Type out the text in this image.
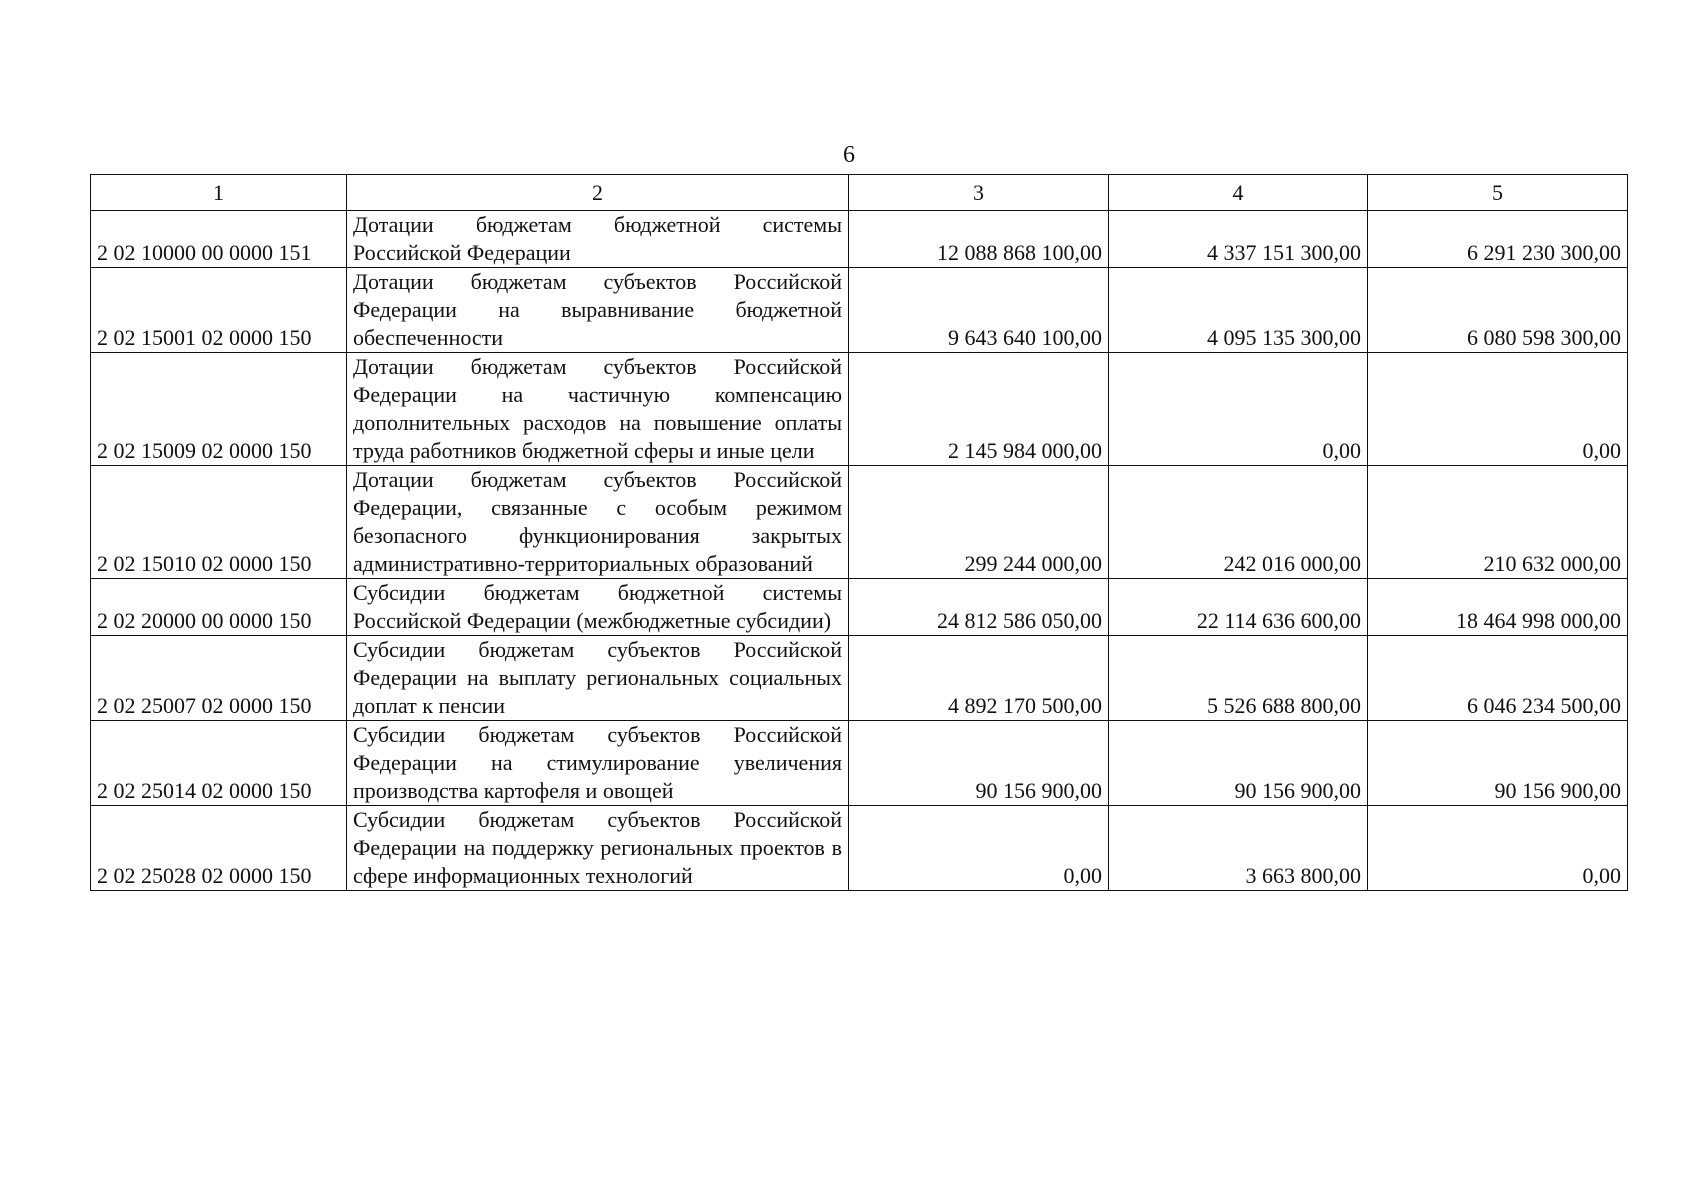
6
1	2	3	4	5
2 02 10000 00 0000 151	Дотации бюджетам бюджетной системы Российской Федерации	12 088 868 100,00	4 337 151 300,00	6 291 230 300,00
2 02 15001 02 0000 150	Дотации бюджетам субъектов Российской Федерации на выравнивание бюджетной обеспеченности	9 643 640 100,00	4 095 135 300,00	6 080 598 300,00
2 02 15009 02 0000 150	Дотации бюджетам субъектов Российской Федерации на частичную компенсацию дополнительных расходов на повышение оплаты труда работников бюджетной сферы и иные цели	2 145 984 000,00	0,00	0,00
2 02 15010 02 0000 150	Дотации бюджетам субъектов Российской Федерации, связанные с особым режимом безопасного функционирования закрытых административно-территориальных образований	299 244 000,00	242 016 000,00	210 632 000,00
2 02 20000 00 0000 150	Субсидии бюджетам бюджетной системы Российской Федерации (межбюджетные субсидии)	24 812 586 050,00	22 114 636 600,00	18 464 998 000,00
2 02 25007 02 0000 150	Субсидии бюджетам субъектов Российской Федерации на выплату региональных социальных доплат к пенсии	4 892 170 500,00	5 526 688 800,00	6 046 234 500,00
2 02 25014 02 0000 150	Субсидии бюджетам субъектов Российской Федерации на стимулирование увеличения производства картофеля и овощей	90 156 900,00	90 156 900,00	90 156 900,00
2 02 25028 02 0000 150	Субсидии бюджетам субъектов Российской Федерации на поддержку региональных проектов в сфере информационных технологий	0,00	3 663 800,00	0,00
